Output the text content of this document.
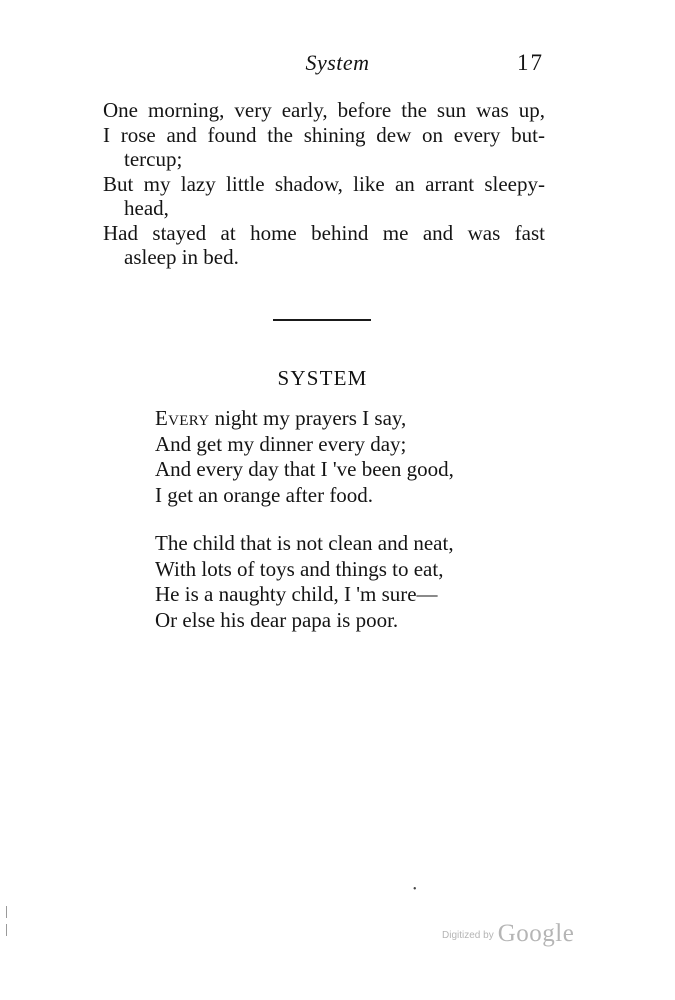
System	17
One morning, very early, before the sun was up,
I rose and found the shining dew on every but-
tercup;
But my lazy little shadow, like an arrant sleepy-
head,
Had stayed at home behind me and was fast
asleep in bed.
SYSTEM
Every night my prayers I say,
And get my dinner every day;
And every day that I 've been good,
I get an orange after food.
The child that is not clean and neat,
With lots of toys and things to eat,
He is a naughty child, I 'm sure—
Or else his dear papa is poor.
•
Digitized by Google
